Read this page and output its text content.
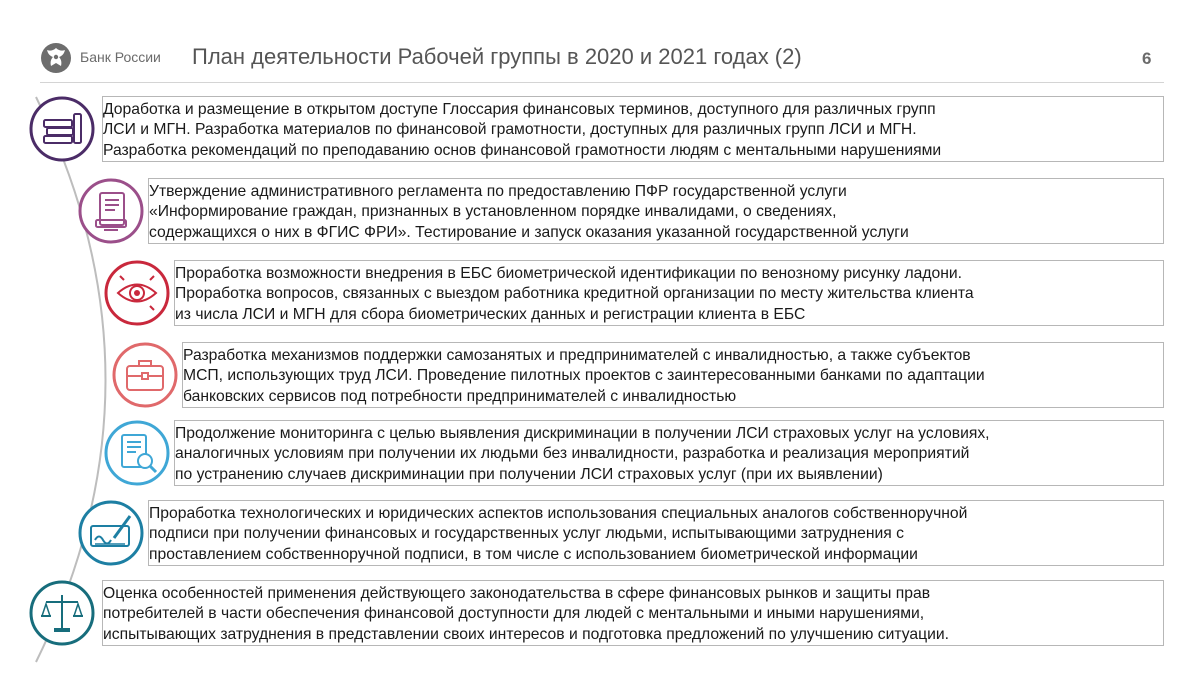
Банк России План деятельности Рабочей группы в 2020 и 2021 годах (2)	6
Доработка и размещение в открытом доступе Глоссария финансовых терминов, доступного для различных групп
ЛСИ и МГН. Разработка материалов по финансовой грамотности, доступных для различных групп ЛСИ и МГН.
Разработка рекомендаций по преподаванию основ финансовой грамотности людям с ментальными нарушениями
Утверждение административного регламента по предоставлению ПФР государственной услуги
«Информирование граждан, признанных в установленном порядке инвалидами, о сведениях,
содержащихся о них в ФГИС ФРИ». Тестирование и запуск оказания указанной государственной услуги
Проработка возможности внедрения в ЕБС биометрической идентификации по венозному рисунку ладони.
Проработка вопросов, связанных с выездом работника кредитной организации по месту жительства клиента
из числа ЛСИ и МГН для сбора биометрических данных и регистрации клиента в ЕБС
Разработка механизмов поддержки самозанятых и предпринимателей с инвалидностью, а также субъектов
МСП, использующих труд ЛСИ. Проведение пилотных проектов с заинтересованными банками по адаптации
банковских сервисов под потребности предпринимателей с инвалидностью
Продолжение мониторинга с целью выявления дискриминации в получении ЛСИ страховых услуг на условиях,
аналогичных условиям при получении их людьми без инвалидности, разработка и реализация мероприятий
по устранению случаев дискриминации при получении ЛСИ страховых услуг (при их выявлении)
Проработка технологических и юридических аспектов использования специальных аналогов собственноручной
подписи при получении финансовых и государственных услуг людьми, испытывающими затруднения с
проставлением собственноручной подписи, в том числе с использованием биометрической информации
Оценка особенностей применения действующего законодательства в сфере финансовых рынков и защиты прав
потребителей в части обеспечения финансовой доступности для людей с ментальными и иными нарушениями,
испытывающих затруднения в представлении своих интересов и подготовка предложений по улучшению ситуации.
